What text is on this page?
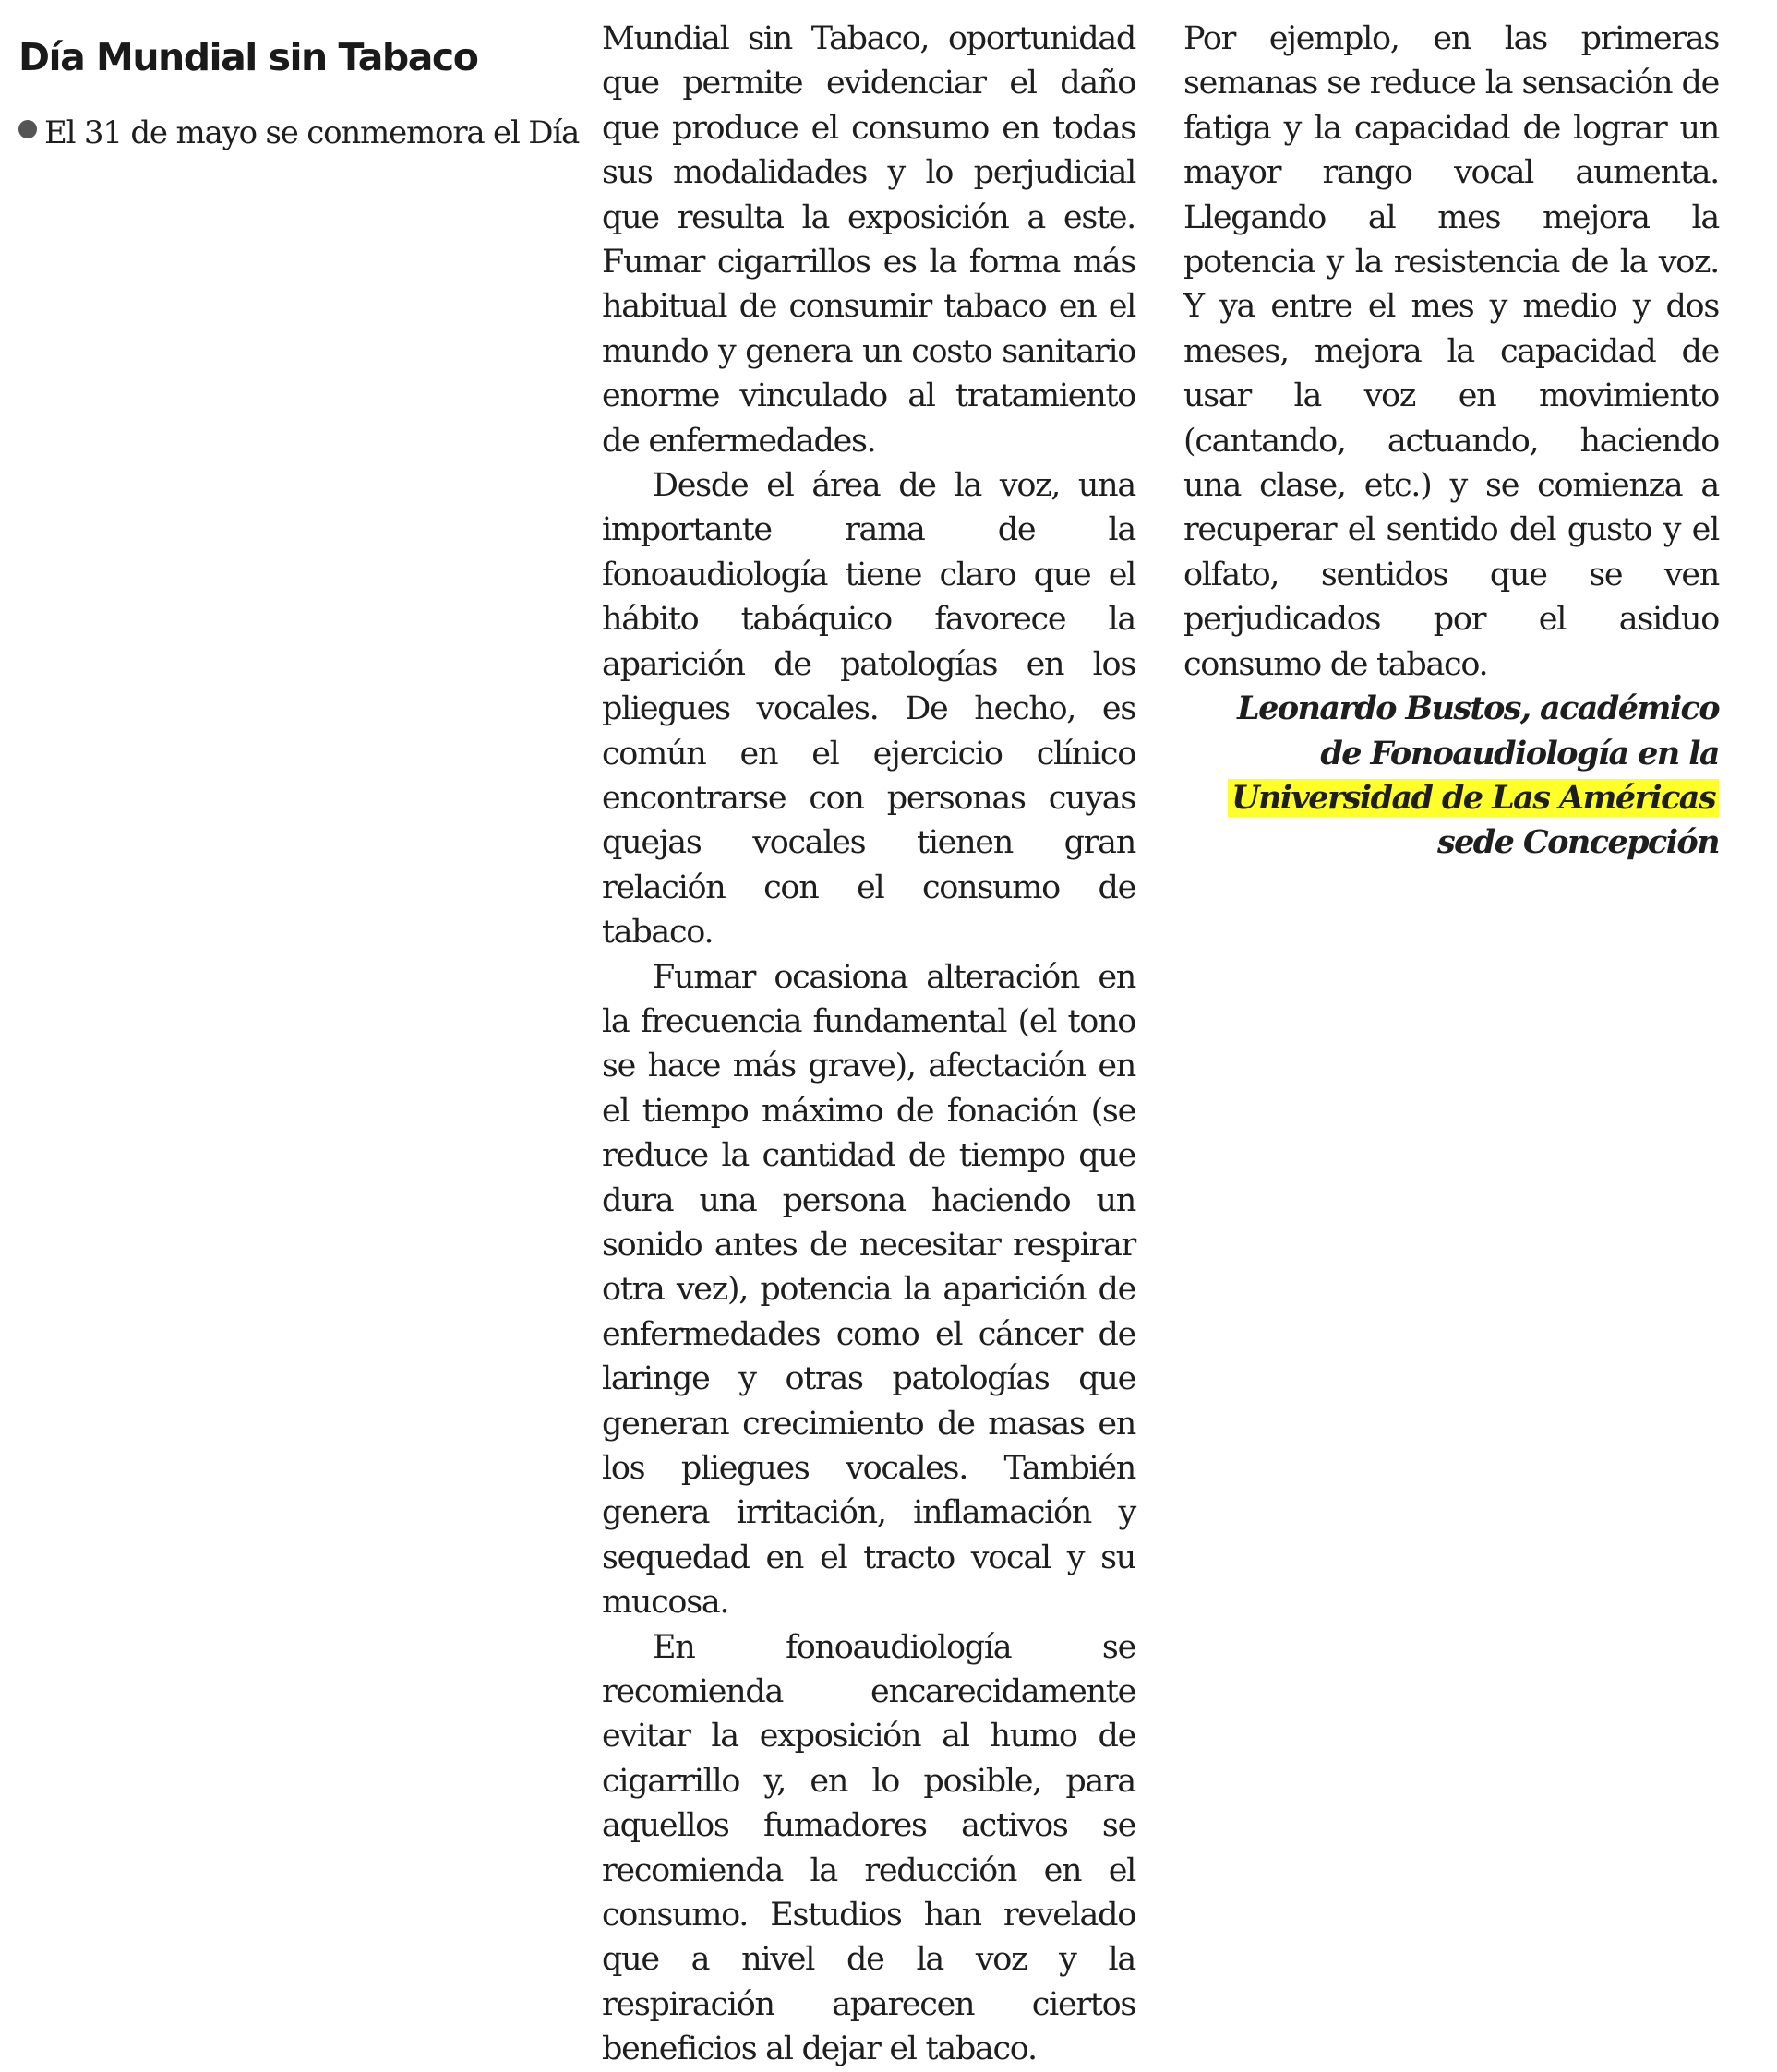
Día Mundial sin Tabaco
El 31 de mayo se conmemora el Día

Mundial sin Tabaco, oportunidad que permite evidenciar el daño que produce el consumo en todas sus modalidades y lo perjudicial que resulta la exposición a este. Fumar cigarrillos es la forma más habitual de consumir tabaco en el mundo y genera un costo sanitario enorme vinculado al tratamiento de enfermedades.

Desde el área de la voz, una importante rama de la fonoaudiología tiene claro que el hábito tabáquico favorece la aparición de patologías en los pliegues vocales. De hecho, es común en el ejercicio clínico encontrarse con personas cuyas quejas vocales tienen gran relación con el consumo de tabaco.

Fumar ocasiona alteración en la frecuencia fundamental (el tono se hace más grave), afectación en el tiempo máximo de fonación (se reduce la cantidad de tiempo que dura una persona haciendo un sonido antes de necesitar respirar otra vez), potencia la aparición de enfermedades como el cáncer de laringe y otras patologías que generan crecimiento de masas en los pliegues vocales. También genera irritación, inflamación y sequedad en el tracto vocal y su mucosa.

En fonoaudiología se recomienda encarecidamente evitar la exposición al humo de cigarrillo y, en lo posible, para aquellos fumadores activos se recomienda la reducción en el consumo. Estudios han revelado que a nivel de la voz y la respiración aparecen ciertos beneficios al dejar el tabaco.

Por ejemplo, en las primeras semanas se reduce la sensación de fatiga y la capacidad de lograr un mayor rango vocal aumenta. Llegando al mes mejora la potencia y la resistencia de la voz. Y ya entre el mes y medio y dos meses, mejora la capacidad de usar la voz en movimiento (cantando, actuando, haciendo una clase, etc.) y se comienza a recuperar el sentido del gusto y el olfato, sentidos que se ven perjudicados por el asiduo consumo de tabaco.

Leonardo Bustos, académico de Fonoaudiología en la Universidad de Las Américas sede Concepción
